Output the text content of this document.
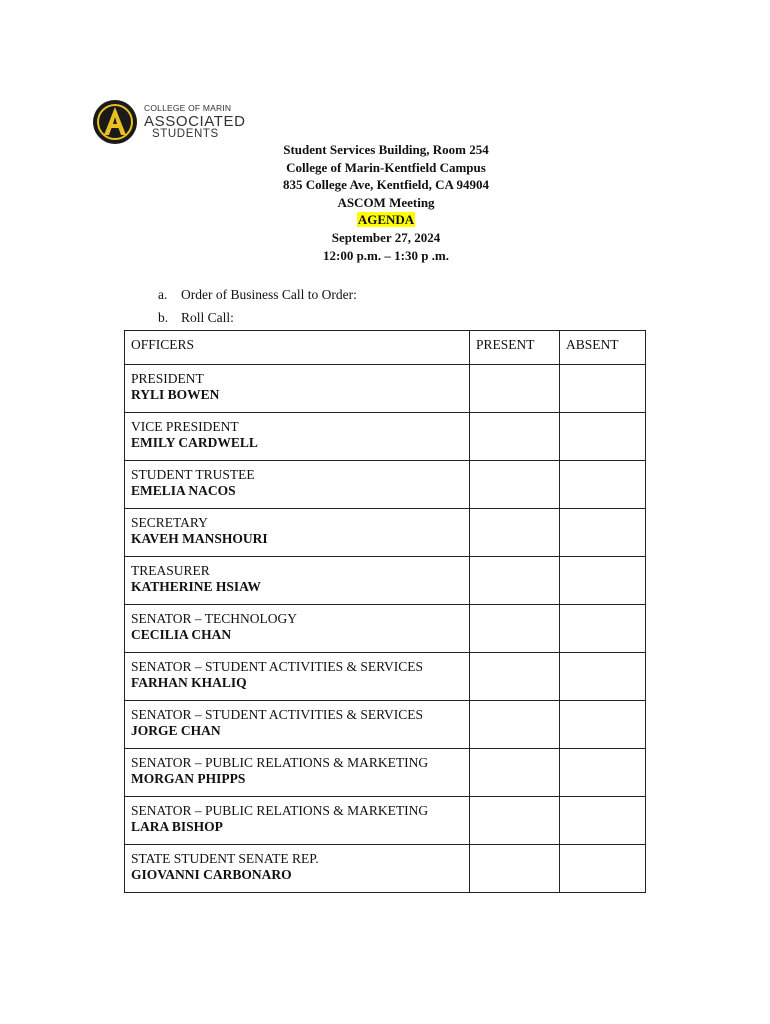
COLLEGE OF MARIN
ASSOCIATED
STUDENTS
Student Services Building, Room 254
College of Marin-Kentfield Campus
835 College Ave, Kentfield, CA 94904
ASCOM Meeting
AGENDA
September 27, 2024
12:00 p.m. – 1:30 p .m.
a.	Order of Business Call to Order:
b. Roll Call:
OFFICERS	PRESENT	ABSENT

PRESIDENT
RYLI BOWEN		

VICE PRESIDENT
EMILY CARDWELL		

STUDENT TRUSTEE
EMELIA NACOS		

SECRETARY
KAVEH MANSHOURI		

TREASURER
KATHERINE HSIAW		

SENATOR – TECHNOLOGY
CECILIA CHAN		

SENATOR – STUDENT ACTIVITIES & SERVICES
FARHAN KHALIQ		

SENATOR – STUDENT ACTIVITIES & SERVICES
JORGE CHAN		

SENATOR – PUBLIC RELATIONS & MARKETING
MORGAN PHIPPS		

SENATOR – PUBLIC RELATIONS & MARKETING
LARA BISHOP		

STATE STUDENT SENATE REP.
GIOVANNI CARBONARO		
